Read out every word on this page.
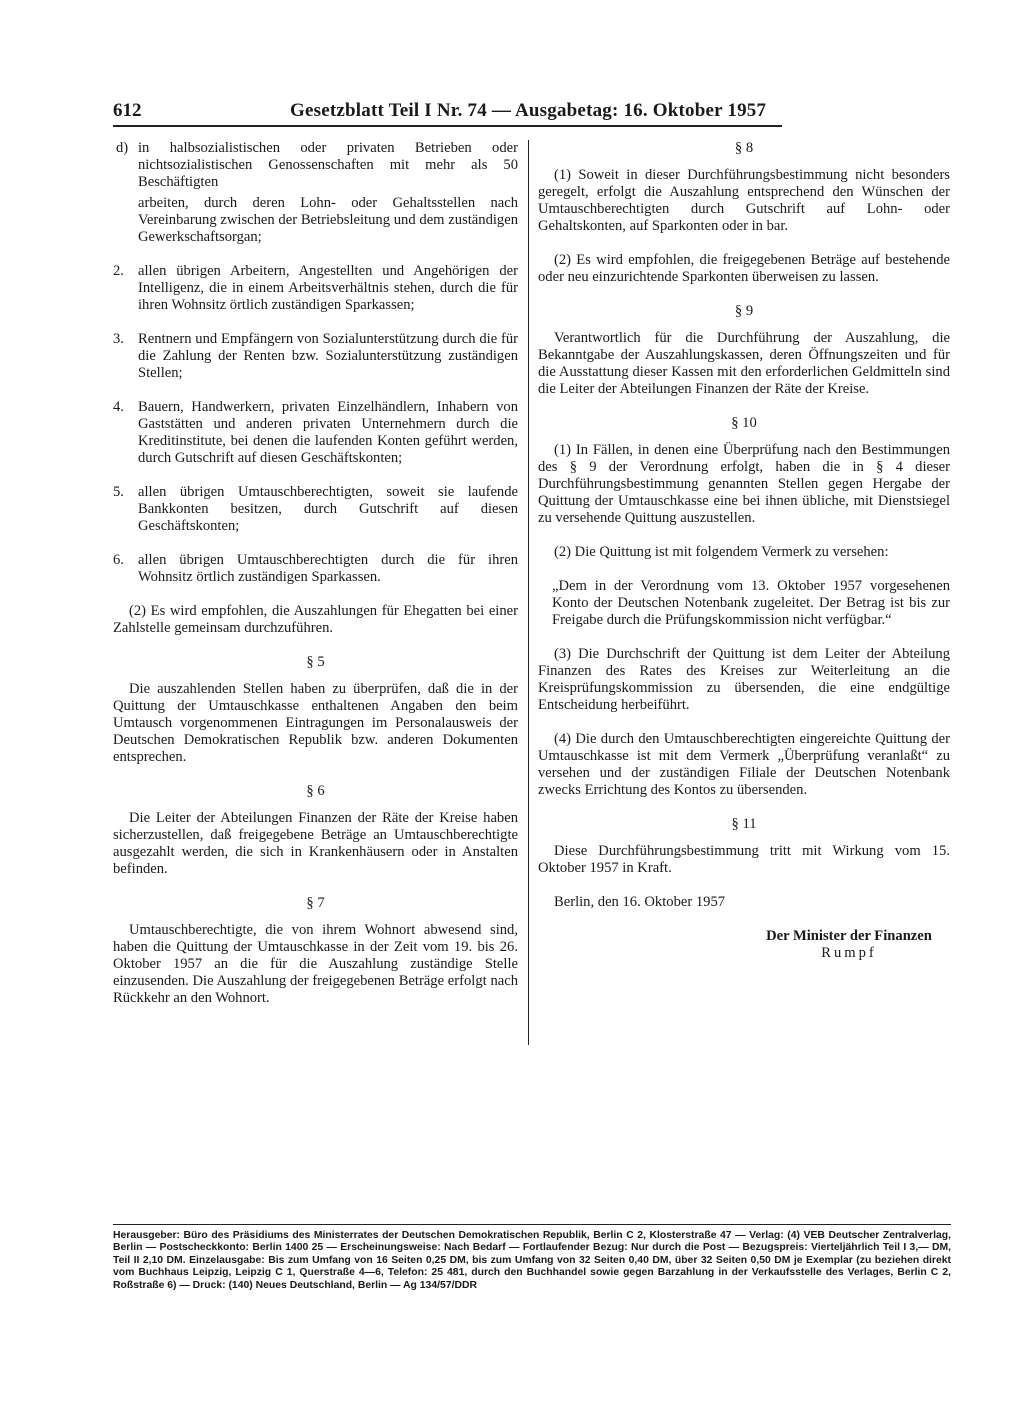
612	Gesetzblatt Teil I Nr. 74 — Ausgabetag: 16. Oktober 1957
d) in halbsozialistischen oder privaten Betrieben oder nichtsozialistischen Genossenschaften mit mehr als 50 Beschäftigten
arbeiten, durch deren Lohn- oder Gehaltsstellen nach Vereinbarung zwischen der Betriebsleitung und dem zuständigen Gewerkschaftsorgan;
2. allen übrigen Arbeitern, Angestellten und Angehörigen der Intelligenz, die in einem Arbeitsverhältnis stehen, durch die für ihren Wohnsitz örtlich zuständigen Sparkassen;
3. Rentnern und Empfängern von Sozialunterstützung durch die für die Zahlung der Renten bzw. Sozialunterstützung zuständigen Stellen;
4. Bauern, Handwerkern, privaten Einzelhändlern, Inhabern von Gaststätten und anderen privaten Unternehmern durch die Kreditinstitute, bei denen die laufenden Konten geführt werden, durch Gutschrift auf diesen Geschäftskonten;
5. allen übrigen Umtauschberechtigten, soweit sie laufende Bankkonten besitzen, durch Gutschrift auf diesen Geschäftskonten;
6. allen übrigen Umtauschberechtigten durch die für ihren Wohnsitz örtlich zuständigen Sparkassen.

(2) Es wird empfohlen, die Auszahlungen für Ehegatten bei einer Zahlstelle gemeinsam durchzuführen.

§ 5

Die auszahlenden Stellen haben zu überprüfen, daß die in der Quittung der Umtauschkasse enthaltenen Angaben den beim Umtausch vorgenommenen Eintragungen im Personalausweis der Deutschen Demokratischen Republik bzw. anderen Dokumenten entsprechen.

§ 6

Die Leiter der Abteilungen Finanzen der Räte der Kreise haben sicherzustellen, daß freigegebene Beträge an Umtauschberechtigte ausgezahlt werden, die sich in Krankenhäusern oder in Anstalten befinden.

§ 7

Umtauschberechtigte, die von ihrem Wohnort abwesend sind, haben die Quittung der Umtauschkasse in der Zeit vom 19. bis 26. Oktober 1957 an die für die Auszahlung zuständige Stelle einzusenden. Die Auszahlung der freigegebenen Beträge erfolgt nach Rückkehr an den Wohnort.

§ 8

(1) Soweit in dieser Durchführungsbestimmung nicht besonders geregelt, erfolgt die Auszahlung entsprechend den Wünschen der Umtauschberechtigten durch Gutschrift auf Lohn- oder Gehaltskonten, auf Sparkonten oder in bar.

(2) Es wird empfohlen, die freigegebenen Beträge auf bestehende oder neu einzurichtende Sparkonten überweisen zu lassen.

§ 9

Verantwortlich für die Durchführung der Auszahlung, die Bekanntgabe der Auszahlungskassen, deren Öffnungszeiten und für die Ausstattung dieser Kassen mit den erforderlichen Geldmitteln sind die Leiter der Abteilungen Finanzen der Räte der Kreise.

§ 10

(1) In Fällen, in denen eine Überprüfung nach den Bestimmungen des § 9 der Verordnung erfolgt, haben die in § 4 dieser Durchführungsbestimmung genannten Stellen gegen Hergabe der Quittung der Umtauschkasse eine bei ihnen übliche, mit Dienstsiegel zu versehende Quittung auszustellen.

(2) Die Quittung ist mit folgendem Vermerk zu versehen:

„Dem in der Verordnung vom 13. Oktober 1957 vorgesehenen Konto der Deutschen Notenbank zugeleitet. Der Betrag ist bis zur Freigabe durch die Prüfungskommission nicht verfügbar.“

(3) Die Durchschrift der Quittung ist dem Leiter der Abteilung Finanzen des Rates des Kreises zur Weiterleitung an die Kreisprüfungskommission zu übersenden, die eine endgültige Entscheidung herbeiführt.

(4) Die durch den Umtauschberechtigten eingereichte Quittung der Umtauschkasse ist mit dem Vermerk „Überprüfung veranlaßt“ zu versehen und der zuständigen Filiale der Deutschen Notenbank zwecks Errichtung des Kontos zu übersenden.

§ 11

Diese Durchführungsbestimmung tritt mit Wirkung vom 15. Oktober 1957 in Kraft.

Berlin, den 16. Oktober 1957

Der Minister der Finanzen
Rumpf
Herausgeber: Büro des Präsidiums des Ministerrates der Deutschen Demokratischen Republik, Berlin C 2, Klosterstraße 47 — Verlag: (4) VEB Deutscher Zentralverlag, Berlin — Postscheckkonto: Berlin 1400 25 — Erscheinungsweise: Nach Bedarf — Fortlaufender Bezug: Nur durch die Post — Bezugspreis: Vierteljährlich Teil I 3,— DM, Teil II 2,10 DM. Einzelausgabe: Bis zum Umfang von 16 Seiten 0,25 DM, bis zum Umfang von 32 Seiten 0,40 DM, über 32 Seiten 0,50 DM je Exemplar (zu beziehen direkt vom Buchhaus Leipzig, Leipzig C 1, Querstraße 4—6, Telefon: 25 481, durch den Buchhandel sowie gegen Barzahlung in der Verkaufsstelle des Verlages, Berlin C 2, Roßstraße 6) — Druck: (140) Neues Deutschland, Berlin — Ag 134/57/DDR
